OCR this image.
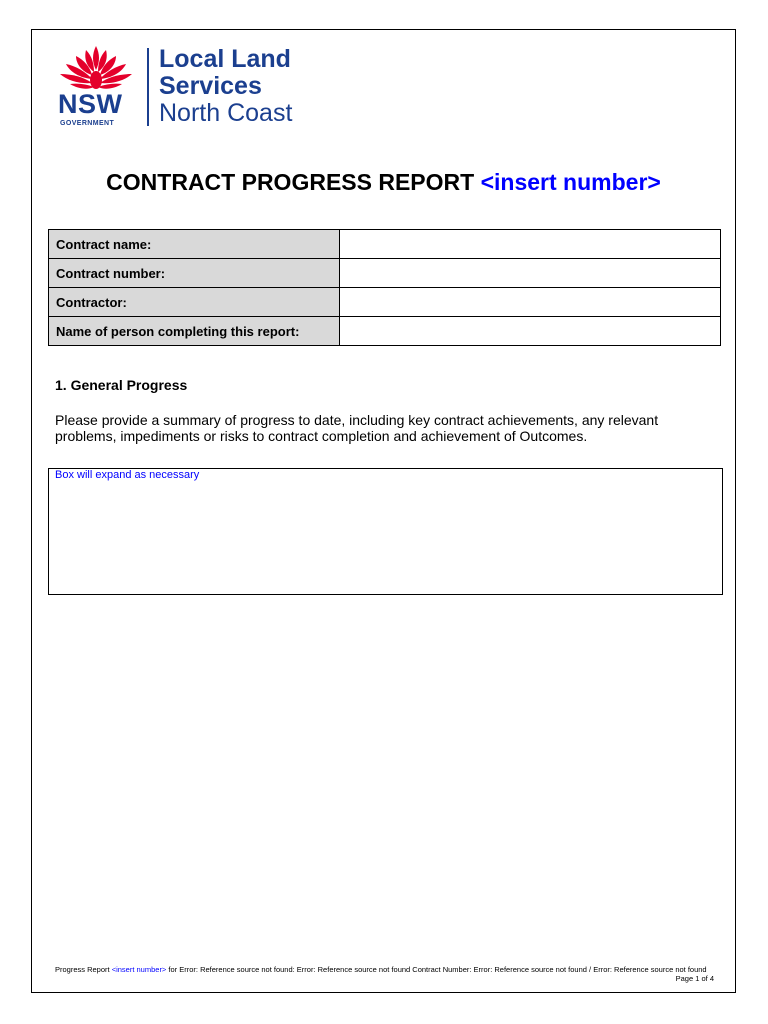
NSW
GOVERNMENT
Local Land
Services
North Coast
CONTRACT PROGRESS REPORT <insert number>
Contract name:	
Contract number:	
Contractor:	
Name of person completing this report:	
1. General Progress
Please provide a summary of progress to date, including key contract achievements, any relevant problems, impediments or risks to contract completion and achievement of Outcomes.
Box will expand as necessary
Progress Report <insert number> for Error: Reference source not found: Error: Reference source not found Contract Number: Error: Reference source not found / Error: Reference source not found
Page 1 of 4
